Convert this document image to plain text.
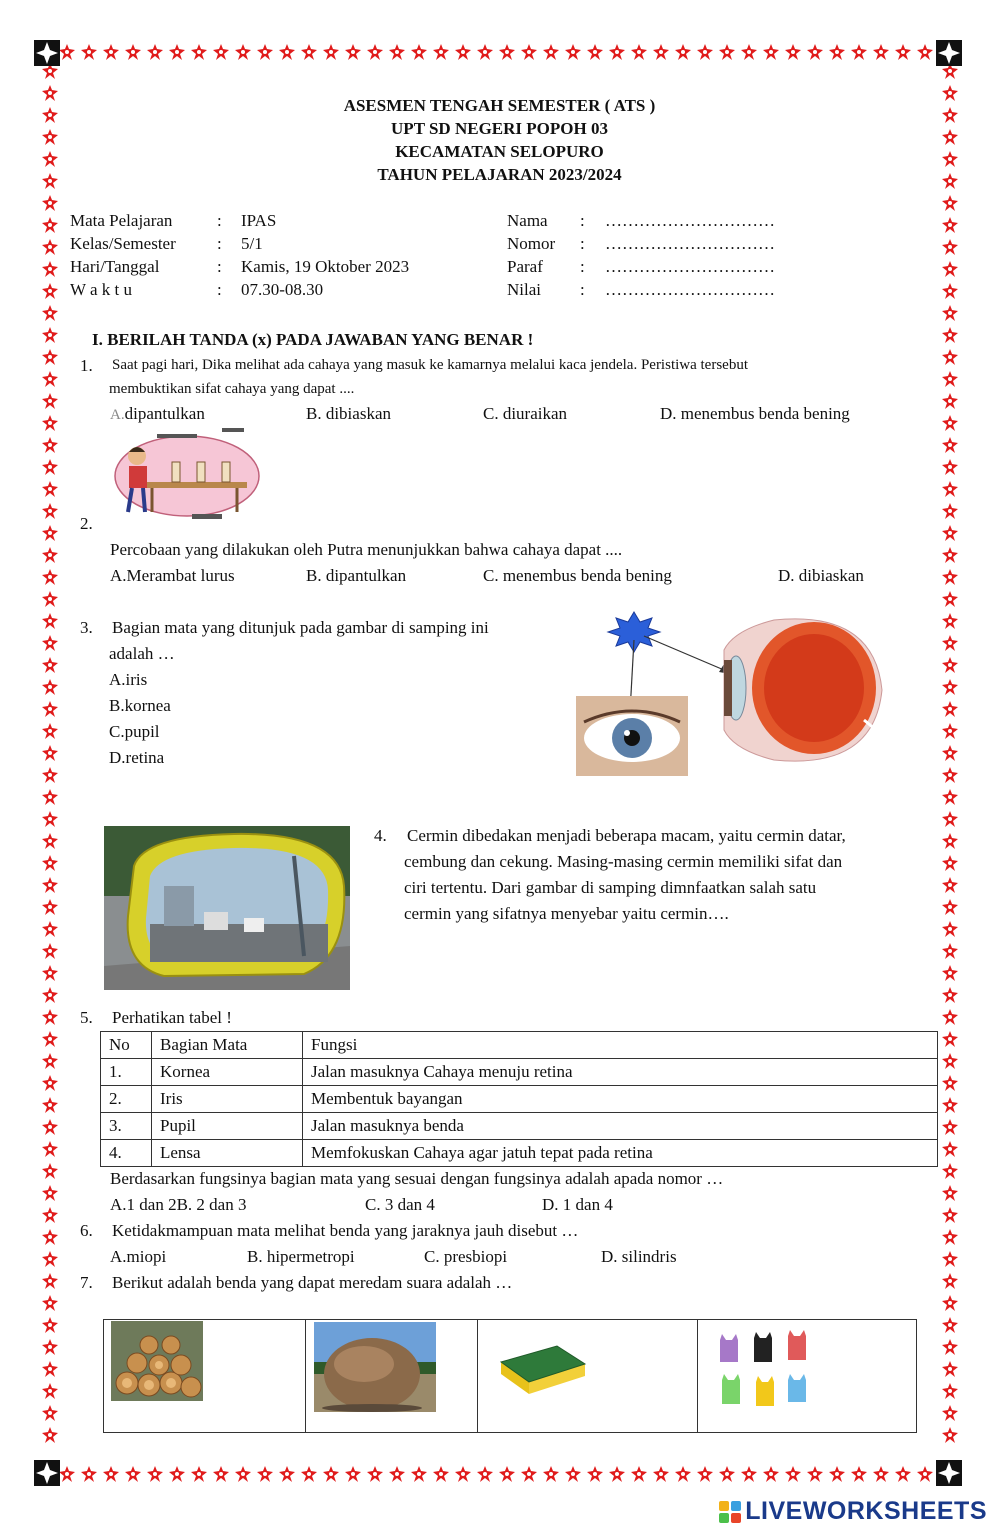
ASESMEN TENGAH SEMESTER ( ATS )
UPT SD NEGERI POPOH 03
KECAMATAN SELOPURO
TAHUN PELAJARAN 2023/2024
Mata Pelajaran	: IPAS
Kelas/Semester : 5/1
Hari/Tanggal	: Kamis, 19 Oktober 2023
W a k t u	: 07.30-08.30
Nama : …………………………
Nomor : …………………………
Paraf : …………………………
Nilai : …………………………
I. BERILAH TANDA (x) PADA JAWABAN YANG BENAR !
1. Saat pagi hari, Dika melihat ada cahaya yang masuk ke kamarnya melalui kaca jendela. Peristiwa tersebut
membuktikan sifat cahaya yang dapat ....
A.dipantulkan	B. dibiaskan	C. diuraikan	D. menembus benda bening
2.
Percobaan yang dilakukan oleh Putra menunjukkan bahwa cahaya dapat ....
A.Merambat lurus	B. dipantulkan	C. menembus benda bening	D. dibiaskan
3. Bagian mata yang ditunjuk pada gambar di samping ini
adalah …
A.iris
B.kornea
C.pupil
D.retina
4. Cermin dibedakan menjadi beberapa macam, yaitu cermin datar,
cembung dan cekung. Masing-masing cermin memiliki sifat dan
ciri tertentu. Dari gambar di samping dimnfaatkan salah satu
cermin yang sifatnya menyebar yaitu cermin….
5. Perhatikan tabel !
No	Bagian Mata	Fungsi
1.	Kornea	Jalan masuknya Cahaya menuju retina
2.	Iris	Membentuk bayangan
3.	Pupil	Jalan masuknya benda
4.	Lensa	Memfokuskan Cahaya agar jatuh tepat pada retina
Berdasarkan fungsinya bagian mata yang sesuai dengan fungsinya adalah apada nomor …
A.1 dan 2B. 2 dan 3	C. 3 dan 4	D. 1 dan 4
6. Ketidakmampuan mata melihat benda yang jaraknya jauh disebut …
A.miopi	B. hipermetropi	C. presbiopi	D. silindris
7. Berikut adalah benda yang dapat meredam suara adalah …
LIVEWORKSHEETS
